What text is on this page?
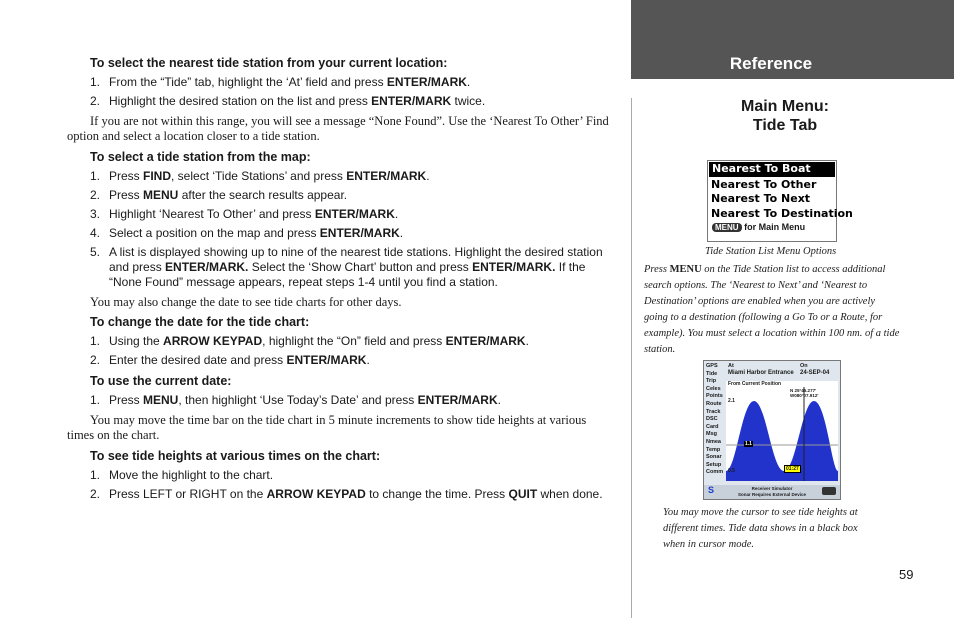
To select the nearest tide station from your current location:
1. From the “Tide” tab, highlight the ‘At’ field and press ENTER/MARK.
2. Highlight the desired station on the list and press ENTER/MARK twice.
If you are not within this range, you will see a message “None Found”. Use the ‘Nearest To Other’ Find option and select a location closer to a tide station.
To select a tide station from the map:
1. Press FIND, select ‘Tide Stations’ and press ENTER/MARK.
2. Press MENU after the search results appear.
3. Highlight ‘Nearest To Other’ and press ENTER/MARK.
4. Select a position on the map and press ENTER/MARK.
5. A list is displayed showing up to nine of the nearest tide stations. Highlight the desired station and press ENTER/MARK. Select the ‘Show Chart’ button and press ENTER/MARK. If the “None Found” message appears, repeat steps 1-4 until you find a station.
You may also change the date to see tide charts for other days.
To change the date for the tide chart:
1. Using the ARROW KEYPAD, highlight the “On” field and press ENTER/MARK.
2. Enter the desired date and press ENTER/MARK.
To use the current date:
1. Press MENU, then highlight ‘Use Today’s Date’ and press ENTER/MARK.
You may move the time bar on the tide chart in 5 minute increments to show tide heights at various times on the chart.
To see tide heights at various times on the chart:
1. Move the highlight to the chart.
2. Press LEFT or RIGHT on the ARROW KEYPAD to change the time. Press QUIT when done.
Reference
Main Menu:
Tide Tab
Nearest To Boat
Nearest To Other
Nearest To Next
Nearest To Destination
MENU for Main Menu
Tide Station List Menu Options
Press MENU on the Tide Station list to access additional search options. The ‘Nearest to Next’ and ‘Nearest to Destination’ options are enabled when you are actively going to a destination (following a Go To or a Route, for example). You must select a location within 100 nm. of a tide station.
GPS
Tide
Trip
Celes
Points
Route
Track
DSC
Card
Msg
Nmea
Temp
Sonar
Setup
Comm
At
Miami Harbor Entrance
On
24-SEP-04
From Current Position
N 25°46.277' W080°07.912'
2.1
0.5
1.1
01:27
S	Receiver Simulator
Sonar Requires External Device
You may move the cursor to see tide heights at different times. Tide data shows in a black box when in cursor mode.
59
